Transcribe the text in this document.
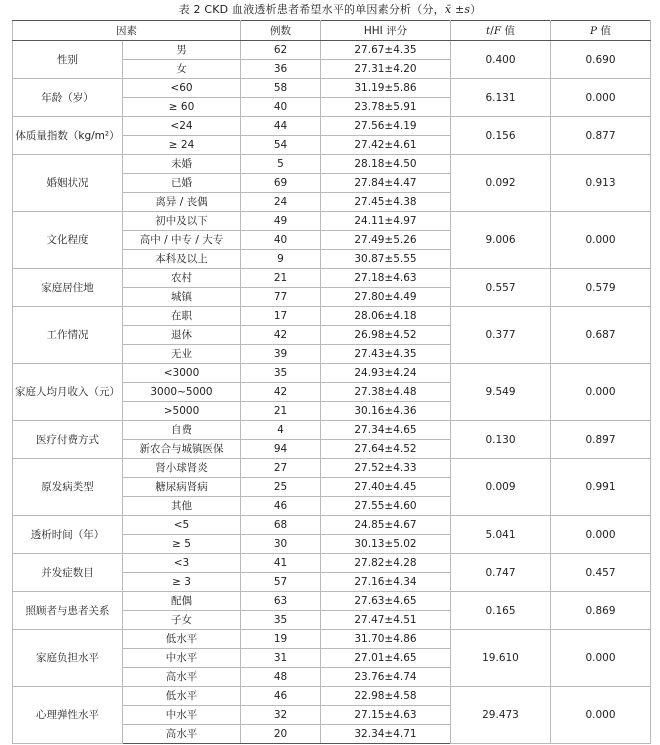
表 2 CKD 血液透析患者希望水平的单因素分析（分，x̄ ±s）
因素		例数	HHI 评分	t/F 值	P 值
性别	男	62	27.67±4.35	0.400	0.690
	女	36	27.31±4.20		
年龄（岁）	<60	58	31.19±5.86	6.131	0.000
	≥ 60	40	23.78±5.91		
体质量指数（kg/m²）	<24	44	27.56±4.19	0.156	0.877
	≥ 24	54	27.42±4.61		
婚姻状况	未婚	5	28.18±4.50	0.092	0.913
	已婚	69	27.84±4.47		
	离异 / 丧偶	24	27.45±4.38		
文化程度	初中及以下	49	24.11±4.97	9.006	0.000
	高中 / 中专 / 大专	40	27.49±5.26		
	本科及以上	9	30.87±5.55		
家庭居住地	农村	21	27.18±4.63	0.557	0.579
	城镇	77	27.80±4.49		
工作情况	在职	17	28.06±4.18	0.377	0.687
	退休	42	26.98±4.52		
	无业	39	27.43±4.35		
家庭人均月收入（元）	<3000	35	24.93±4.24	9.549	0.000
	3000~5000	42	27.38±4.48		
	>5000	21	30.16±4.36		
医疗付费方式	自费	4	27.34±4.65	0.130	0.897
	新农合与城镇医保	94	27.64±4.52		
原发病类型	肾小球肾炎	27	27.52±4.33	0.009	0.991
	糖尿病肾病	25	27.40±4.45		
	其他	46	27.55±4.60		
透析时间（年）	<5	68	24.85±4.67	5.041	0.000
	≥ 5	30	30.13±5.02		
并发症数目	<3	41	27.82±4.28	0.747	0.457
	≥ 3	57	27.16±4.34		
照顾者与患者关系	配偶	63	27.63±4.65	0.165	0.869
	子女	35	27.47±4.51		
家庭负担水平	低水平	19	31.70±4.86	19.610	0.000
	中水平	31	27.01±4.65		
	高水平	48	23.76±4.74		
心理弹性水平	低水平	46	22.98±4.58	29.473	0.000
	中水平	32	27.15±4.63		
	高水平	20	32.34±4.71		
